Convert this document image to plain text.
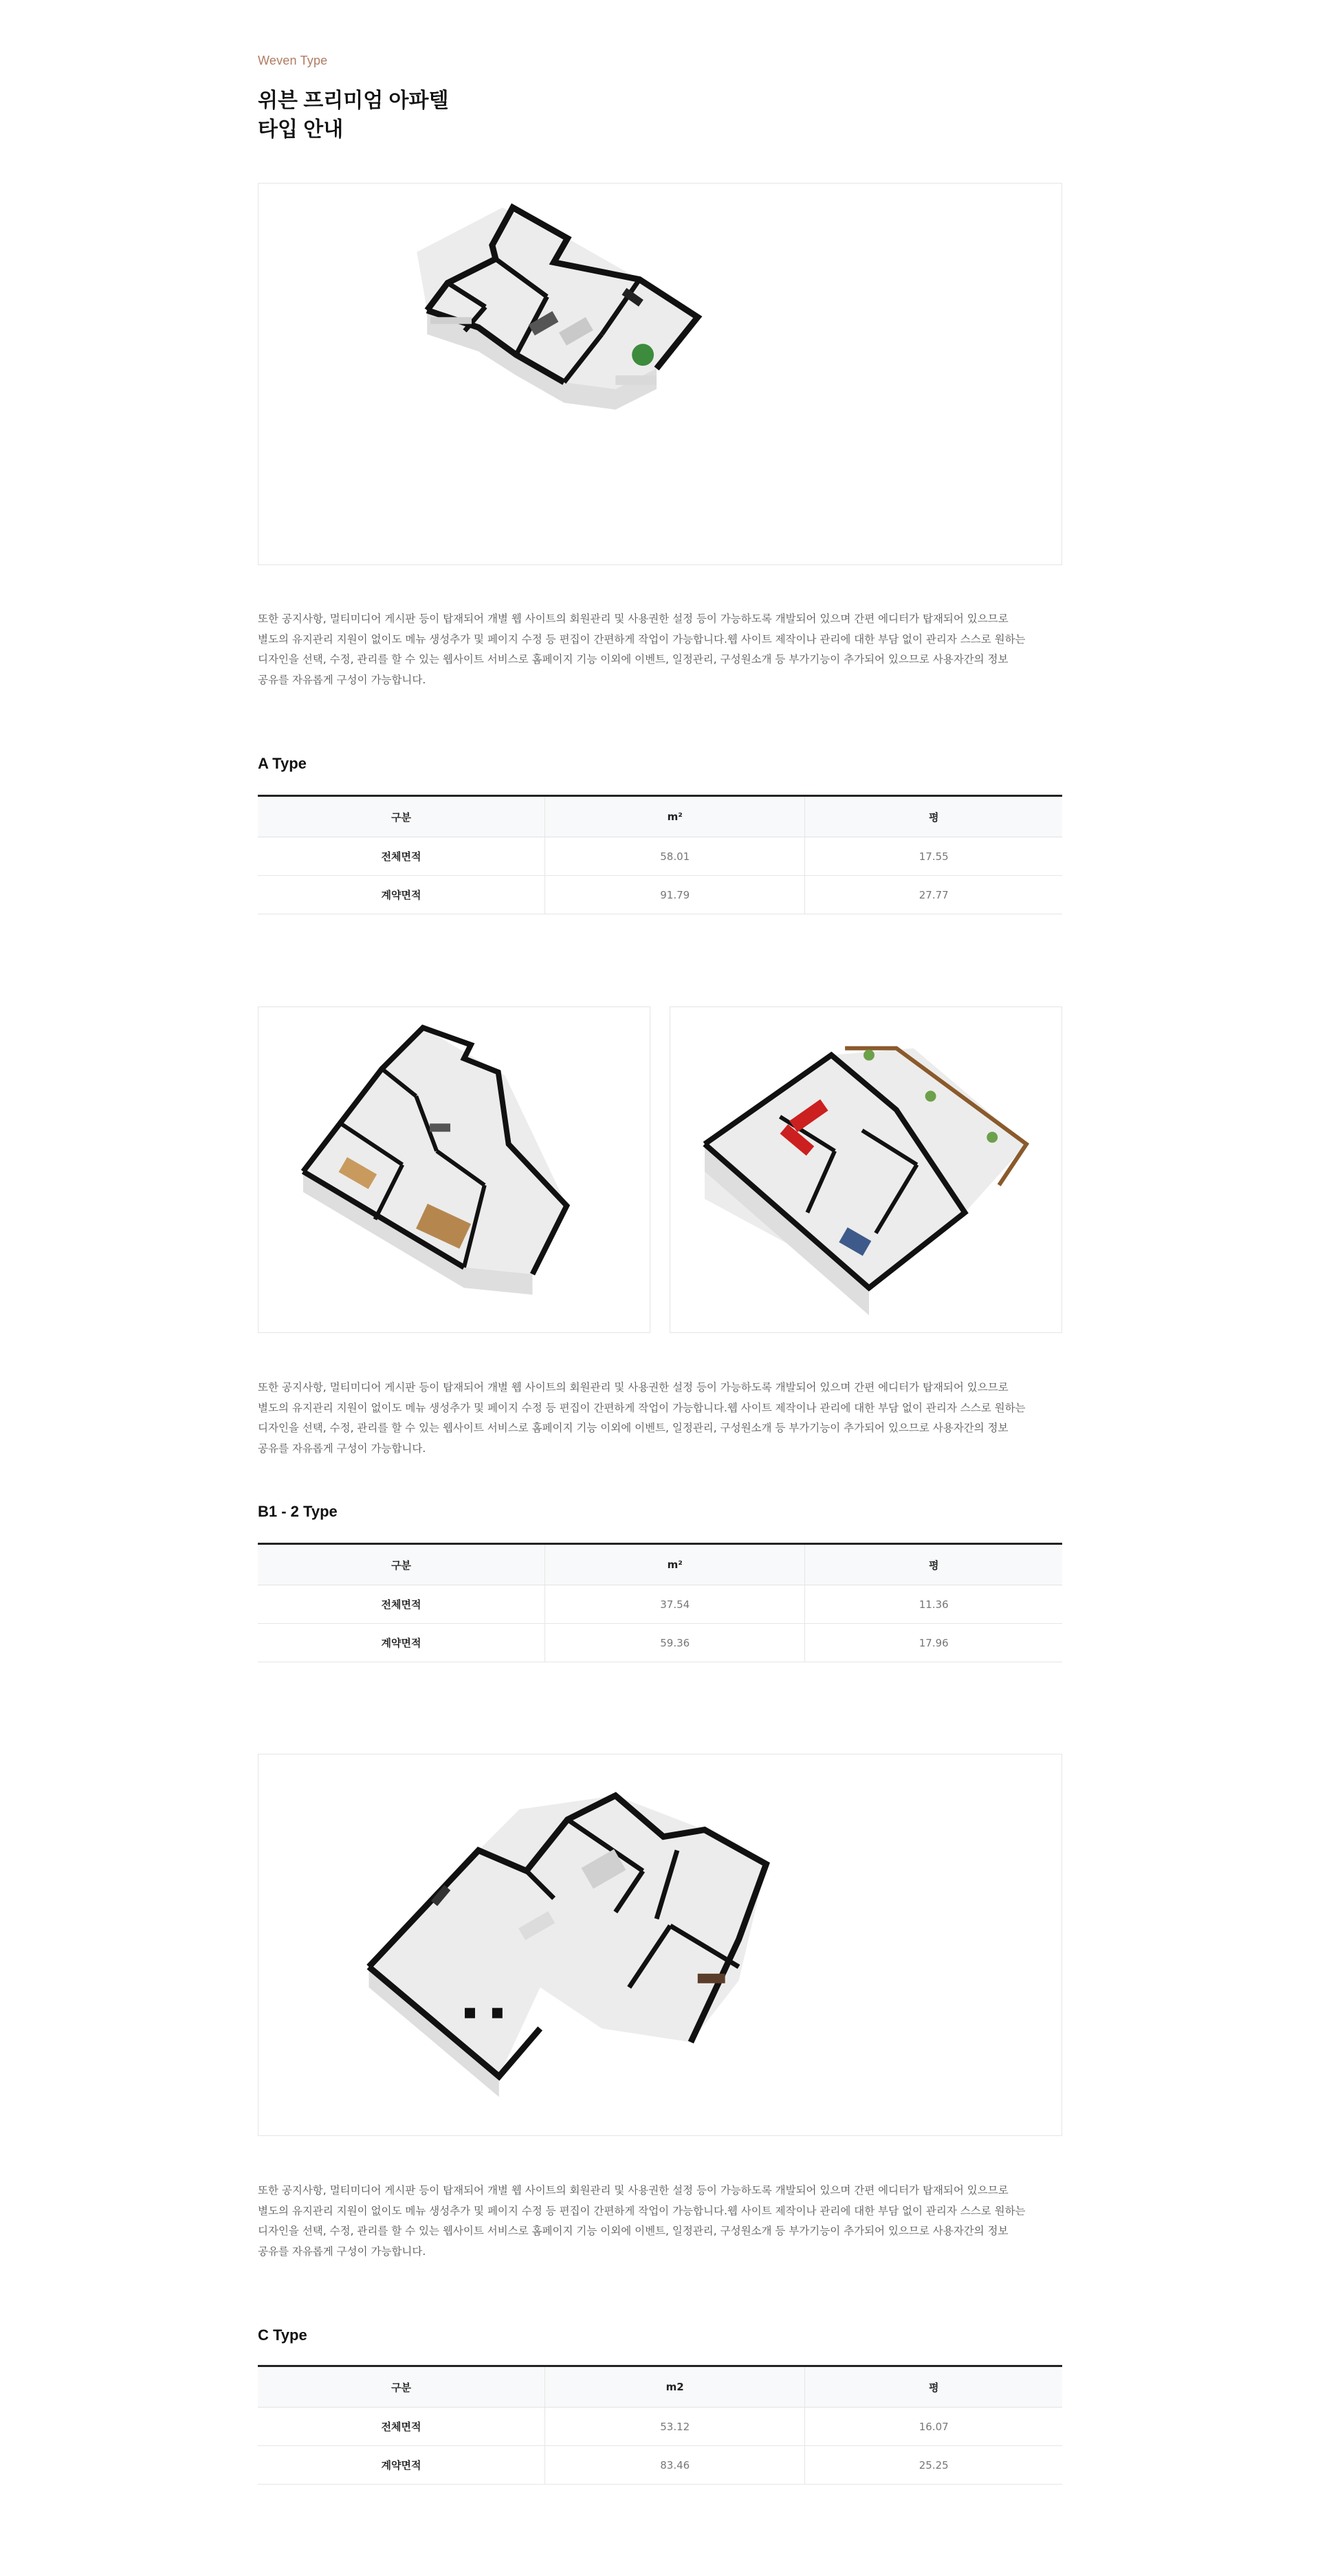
Weven Type
위븐 프리미엄 아파텔
타입 안내

또한 공지사항, 멀티미디어 게시판 등이 탑재되어 개별 웹 사이트의 회원관리 및 사용권한 설정 등이 가능하도록 개발되어 있으며 간편 에디터가 탑재되어 있으므로

별도의 유지관리 지원이 없이도 메뉴 생성추가 및 페이지 수정 등 편집이 간편하게 작업이 가능합니다.웹 사이트 제작이나 관리에 대한 부담 없이 관리자 스스로 원하는

디자인을 선택, 수정, 관리를 할 수 있는 웹사이트 서비스로 홈페이지 기능 이외에 이벤트, 일정관리, 구성원소개 등 부가기능이 추가되어 있으므로 사용자간의 정보

공유를 자유롭게 구성이 가능합니다.

A Type
구분	m²	평
전체면적	58.01	17.55
계약면적	91.79	27.77

또한 공지사항, 멀티미디어 게시판 등이 탑재되어 개별 웹 사이트의 회원관리 및 사용권한 설정 등이 가능하도록 개발되어 있으며 간편 에디터가 탑재되어 있으므로

별도의 유지관리 지원이 없이도 메뉴 생성추가 및 페이지 수정 등 편집이 간편하게 작업이 가능합니다.웹 사이트 제작이나 관리에 대한 부담 없이 관리자 스스로 원하는

디자인을 선택, 수정, 관리를 할 수 있는 웹사이트 서비스로 홈페이지 기능 이외에 이벤트, 일정관리, 구성원소개 등 부가기능이 추가되어 있으므로 사용자간의 정보

공유를 자유롭게 구성이 가능합니다.

B1 - 2 Type
구분	m²	평
전체면적	37.54	11.36
계약면적	59.36	17.96

또한 공지사항, 멀티미디어 게시판 등이 탑재되어 개별 웹 사이트의 회원관리 및 사용권한 설정 등이 가능하도록 개발되어 있으며 간편 에디터가 탑재되어 있으므로

별도의 유지관리 지원이 없이도 메뉴 생성추가 및 페이지 수정 등 편집이 간편하게 작업이 가능합니다.웹 사이트 제작이나 관리에 대한 부담 없이 관리자 스스로 원하는

디자인을 선택, 수정, 관리를 할 수 있는 웹사이트 서비스로 홈페이지 기능 이외에 이벤트, 일정관리, 구성원소개 등 부가기능이 추가되어 있으므로 사용자간의 정보

공유를 자유롭게 구성이 가능합니다.

C Type
구분	m2	평
전체면적	53.12	16.07
계약면적	83.46	25.25
